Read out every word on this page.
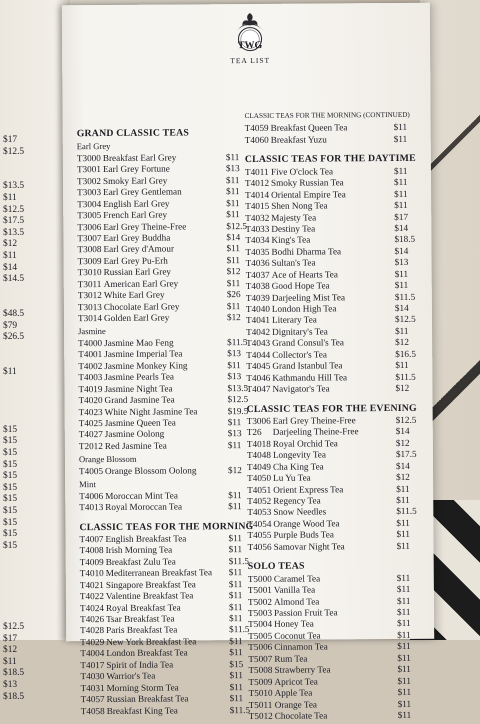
$17
$12.5
$13.5
$11
$12.5
$17.5
$13.5
$12
$11
$14
$14.5
$48.5
$79
$26.5
$11
$15
$15
$15
$15
$15
$15
$15
$15
$15
$15
$15
$12.5
$17
$12
$11
$18.5
$13
$18.5
TWG
TEA LIST
GRAND CLASSIC TEAS
Earl Grey
T3000 Breakfast Earl Grey	$11
T3001 Earl Grey Fortune	$13
T3002 Smoky Earl Grey	$11
T3003 Earl Grey Gentleman	$11
T3004 English Earl Grey	$11
T3005 French Earl Grey	$11
T3006 Earl Grey Theine-Free	$12.5
T3007 Earl Grey Buddha	$14
T3008 Earl Grey d'Amour	$11
T3009 Earl Grey Pu-Erh	$11
T3010 Russian Earl Grey	$12
T3011 American Earl Grey	$11
T3012 White Earl Grey	$26
T3013 Chocolate Earl Grey	$11
T3014 Golden Earl Grey	$12
Jasmine
T4000 Jasmine Mao Feng	$11.5
T4001 Jasmine Imperial Tea	$13
T4002 Jasmine Monkey King	$11
T4003 Jasmine Pearls Tea	$13
T4019 Jasmine Night Tea	$13.5
T4020 Grand Jasmine Tea	$12.5
T4023 White Night Jasmine Tea	$19.5
T4025 Jasmine Queen Tea	$11
T4027 Jasmine Oolong	$13
T2012 Red Jasmine Tea	$11
Orange Blossom
T4005 Orange Blossom Oolong	$12
Mint
T4006 Moroccan Mint Tea	$11
T4013 Royal Moroccan Tea	$11
CLASSIC TEAS FOR THE MORNING
T4007 English Breakfast Tea	$11
T4008 Irish Morning Tea	$11
T4009 Breakfast Zulu Tea	$11.5
T4010 Mediterranean Breakfast Tea	$11
T4021 Singapore Breakfast Tea	$11
T4022 Valentine Breakfast Tea	$11
T4024 Royal Breakfast Tea	$11
T4026 Tsar Breakfast Tea	$11
T4028 Paris Breakfast Tea	$11.5
T4029 New York Breakfast Tea	$11
T4004 London Breakfast Tea	$11
T4017 Spirit of India Tea	$15
T4030 Warrior's Tea	$11
T4031 Morning Storm Tea	$11
T4057 Russian Breakfast Tea	$11
T4058 Breakfast King Tea	$11.5
CLASSIC TEAS FOR THE MORNING (CONTINUED)
T4059 Breakfast Queen Tea	$11
T4060 Breakfast Yuzu	$11
CLASSIC TEAS FOR THE DAYTIME
T4011 Five O'clock Tea	$11
T4012 Smoky Russian Tea	$11
T4014 Oriental Empire Tea	$11
T4015 Shen Nong Tea	$11
T4032 Majesty Tea	$17
T4033 Destiny Tea	$14
T4034 King's Tea	$18.5
T4035 Bodhi Dharma Tea	$14
T4036 Sultan's Tea	$13
T4037 Ace of Hearts Tea	$11
T4038 Good Hope Tea	$11
T4039 Darjeeling Mist Tea	$11.5
T4040 London High Tea	$14
T4041 Literary Tea	$12.5
T4042 Dignitary's Tea	$11
T4043 Grand Consul's Tea	$12
T4044 Collector's Tea	$16.5
T4045 Grand Istanbul Tea	$11
T4046 Kathmandu Hill Tea	$11.5
T4047 Navigator's Tea	$12
CLASSIC TEAS FOR THE EVENING
T3006 Earl Grey Theine-Free	$12.5
T26	Darjeeling Theine-Free	$14
T4018 Royal Orchid Tea	$12
T4048 Longevity Tea	$17.5
T4049 Cha King Tea	$14
T4050 Lu Yu Tea	$12
T4051 Orient Express Tea	$11
T4052 Regency Tea	$11
T4053 Snow Needles	$11.5
T4054 Orange Wood Tea	$11
T4055 Purple Buds Tea	$11
T4056 Samovar Night Tea	$11
SOLO TEAS
T5000 Caramel Tea	$11
T5001 Vanilla Tea	$11
T5002 Almond Tea	$11
T5003 Passion Fruit Tea	$11
T5004 Honey Tea	$11
T5005 Coconut Tea	$11
T5006 Cinnamon Tea	$11
T5007 Rum Tea	$11
T5008 Strawberry Tea	$11
T5009 Apricot Tea	$11
T5010 Apple Tea	$11
T5011 Orange Tea	$11
T5012 Chocolate Tea	$11
